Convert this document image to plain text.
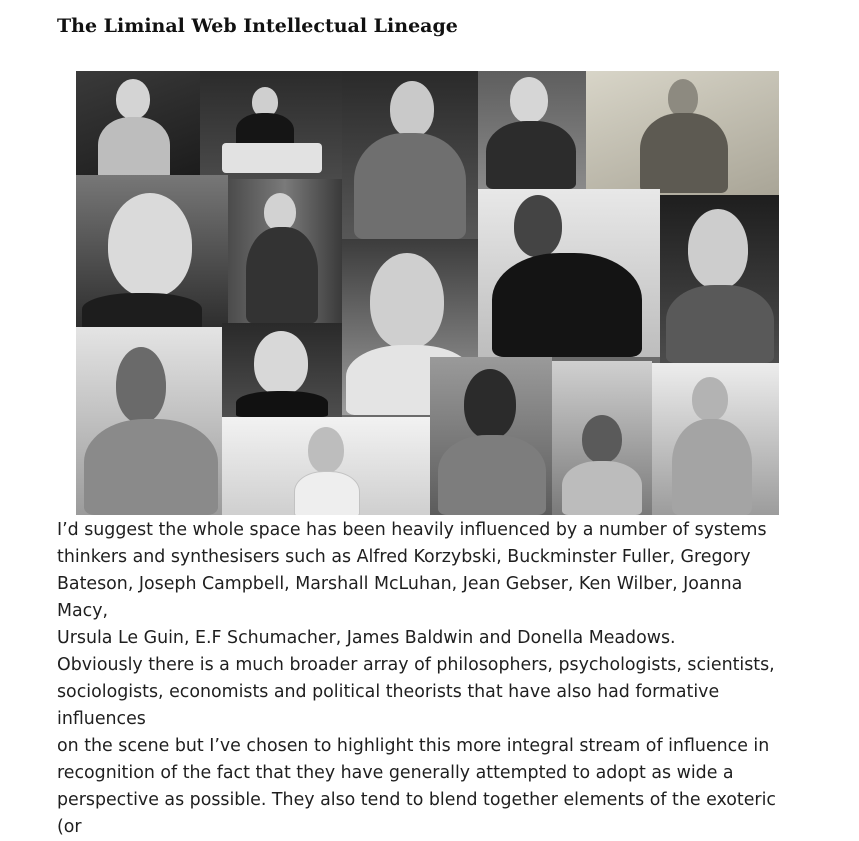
The Liminal Web Intellectual Lineage

I’d suggest the whole space has been heavily influenced by a number of systems
thinkers and synthesisers such as Alfred Korzybski, Buckminster Fuller, Gregory
Bateson, Joseph Campbell, Marshall McLuhan, Jean Gebser, Ken Wilber, Joanna Macy,
Ursula Le Guin, E.F Schumacher, James Baldwin and Donella Meadows.

Obviously there is a much broader array of philosophers, psychologists, scientists,
sociologists, economists and political theorists that have also had formative influences
on the scene but I’ve chosen to highlight this more integral stream of influence in
recognition of the fact that they have generally attempted to adopt as wide a
perspective as possible. They also tend to blend together elements of the exoteric (or
